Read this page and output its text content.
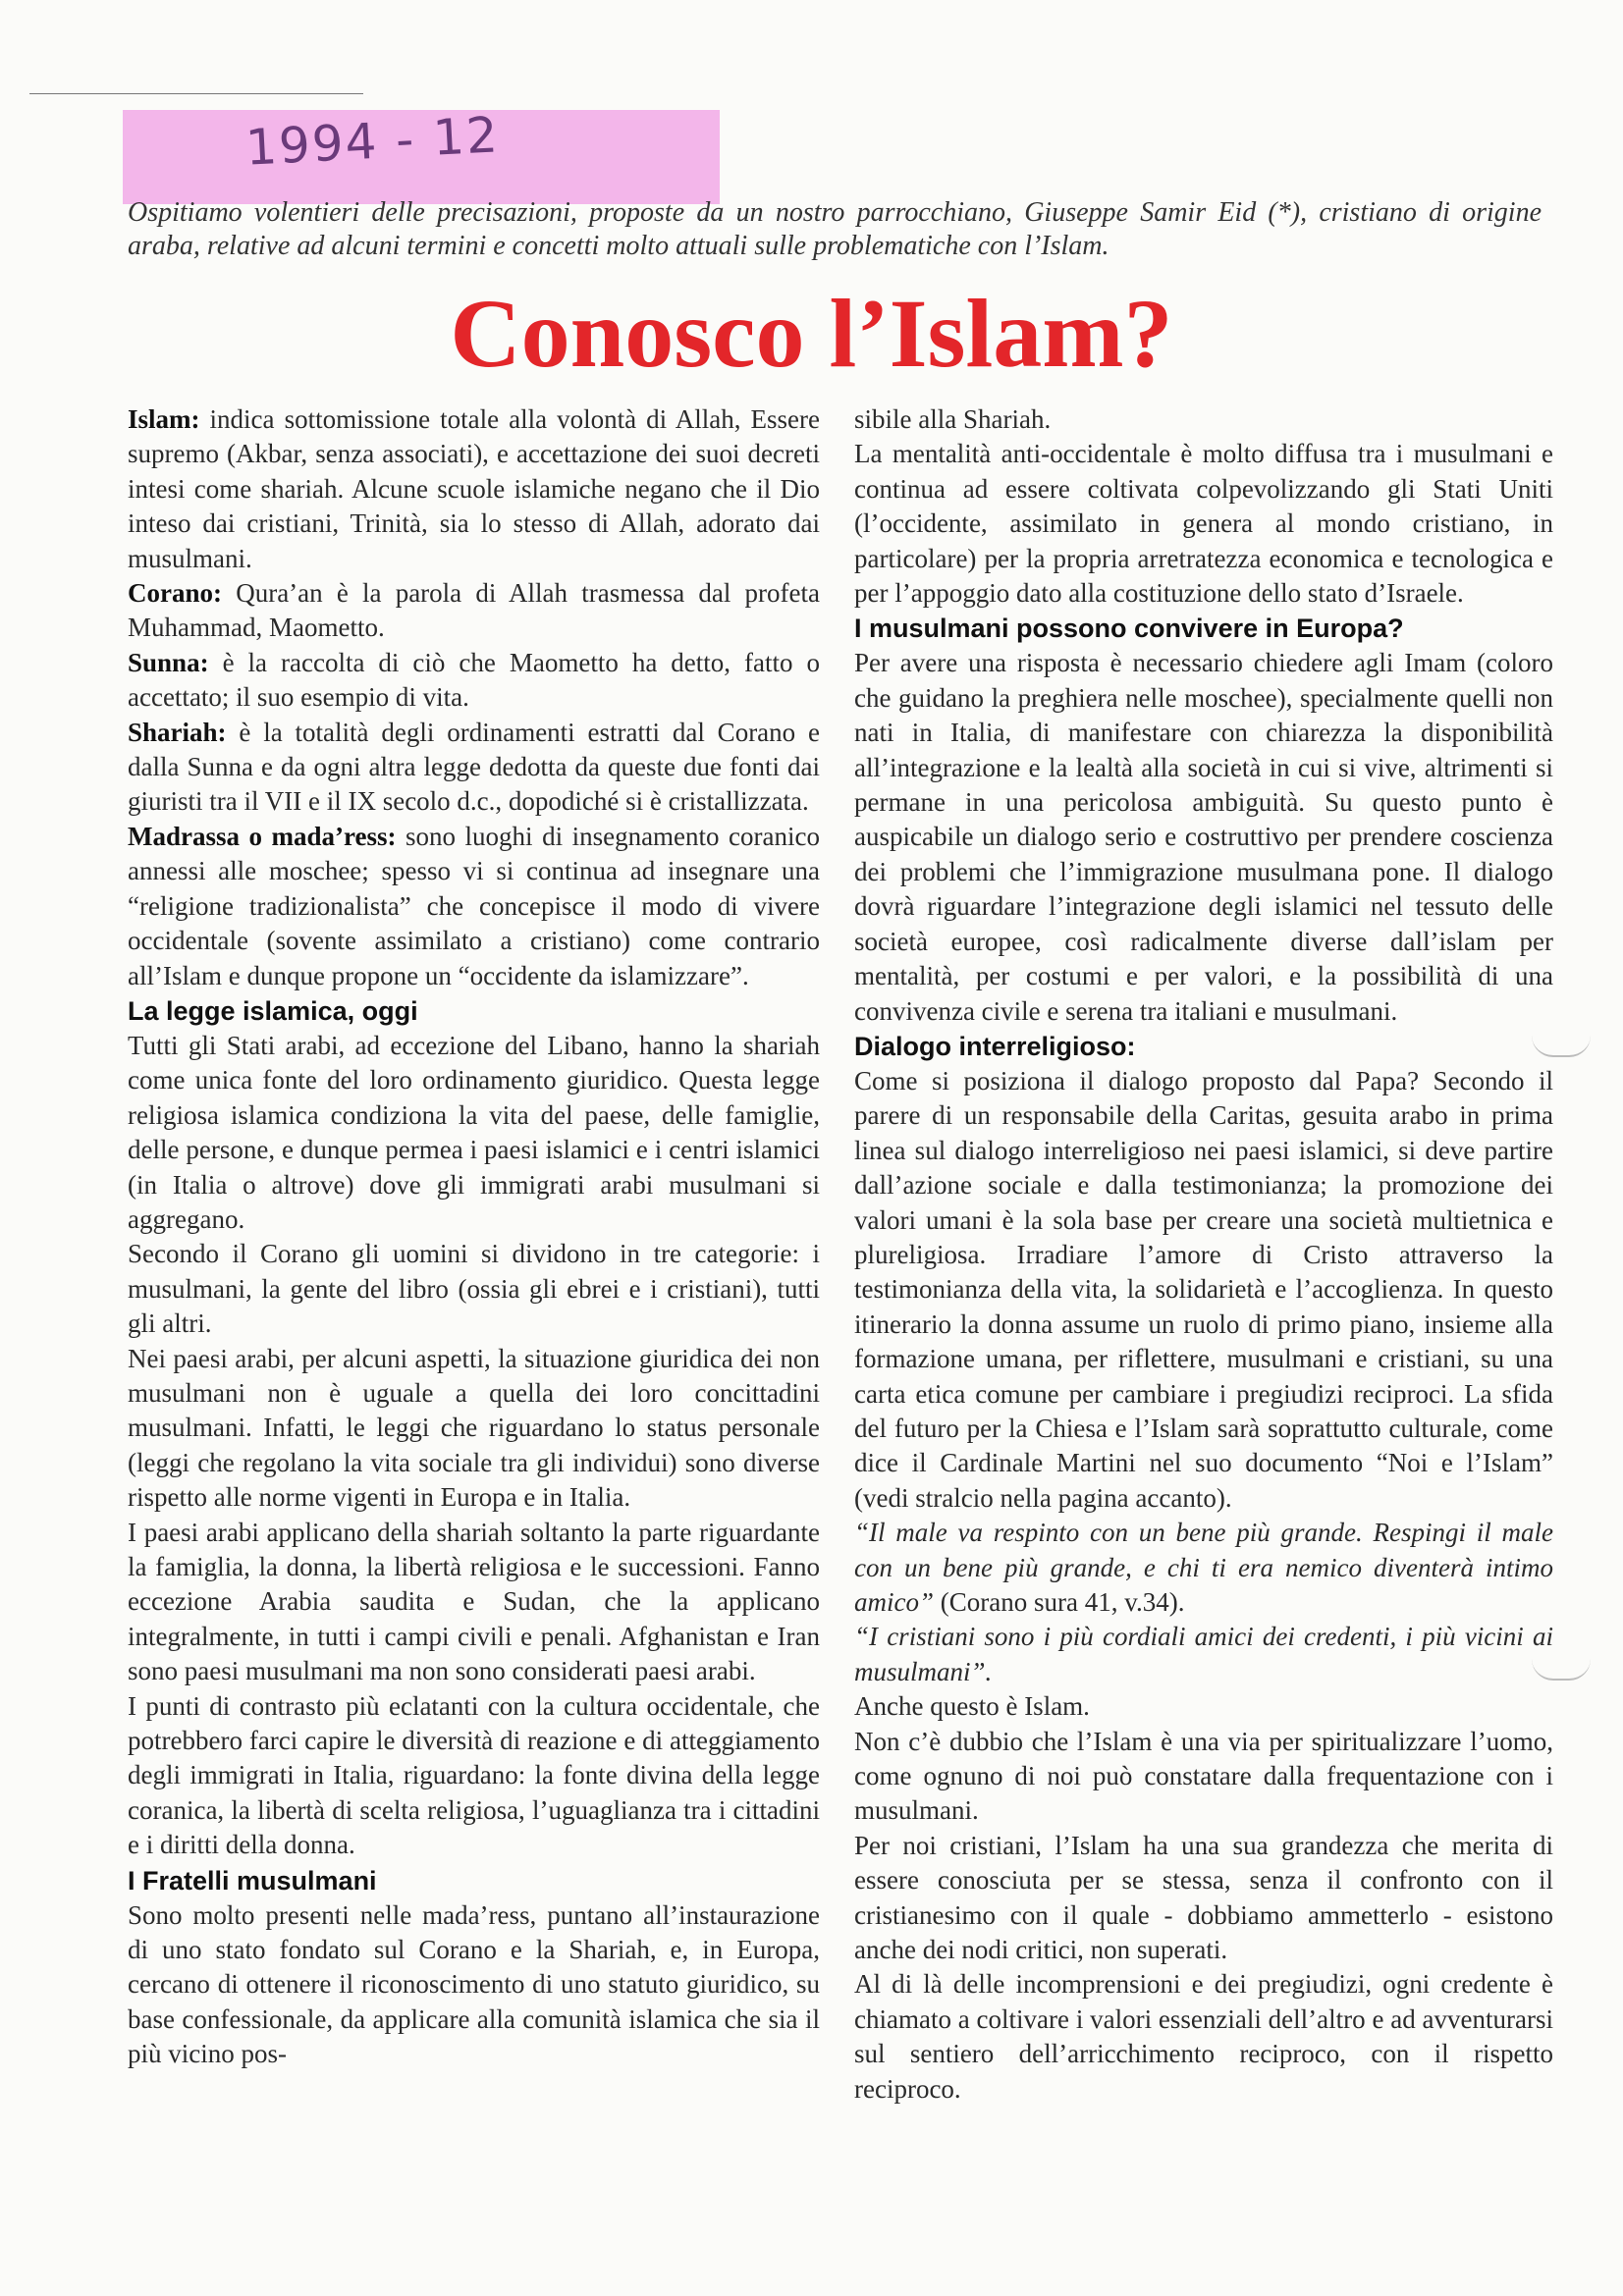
1994 - 12
Ospitiamo volentieri delle precisazioni, proposte da un nostro parrocchiano, Giuseppe Samir Eid (*), cristiano di origine araba, relative ad alcuni termini e concetti molto attuali sulle problematiche con l’Islam.
Conosco l’Islam?

Islam: indica sottomissione totale alla volontà di Allah, Essere supremo (Akbar, senza associati), e accettazione dei suoi decreti intesi come shariah. Alcune scuole islamiche negano che il Dio inteso dai cristiani, Trinità, sia lo stesso di Allah, adorato dai musulmani.

Corano: Qura’an è la parola di Allah trasmessa dal profeta Muhammad, Maometto.

Sunna: è la raccolta di ciò che Maometto ha detto, fatto o accettato; il suo esempio di vita.

Shariah: è la totalità degli ordinamenti estratti dal Corano e dalla Sunna e da ogni altra legge dedotta da queste due fonti dai giuristi tra il VII e il IX secolo d.c., dopodiché si è cristallizzata.

Madrassa o mada’ress: sono luoghi di insegnamento coranico annessi alle moschee; spesso vi si continua ad insegnare una “religione tradizionalista” che concepisce il modo di vivere occidentale (sovente assimilato a cristiano) come contrario all’Islam e dunque propone un “occidente da islamizzare”.

La legge islamica, oggi

Tutti gli Stati arabi, ad eccezione del Libano, hanno la shariah come unica fonte del loro ordinamento giuridico. Questa legge religiosa islamica condiziona la vita del paese, delle famiglie, delle persone, e dunque permea i paesi islamici e i centri islamici (in Italia o altrove) dove gli immigrati arabi musulmani si aggregano.

Secondo il Corano gli uomini si dividono in tre categorie: i musulmani, la gente del libro (ossia gli ebrei e i cristiani), tutti gli altri.

Nei paesi arabi, per alcuni aspetti, la situazione giuridica dei non musulmani non è uguale a quella dei loro concittadini musulmani. Infatti, le leggi che riguardano lo status personale (leggi che regolano la vita sociale tra gli individui) sono diverse rispetto alle norme vigenti in Europa e in Italia.

I paesi arabi applicano della shariah soltanto la parte riguardante la famiglia, la donna, la libertà religiosa e le successioni. Fanno eccezione Arabia saudita e Sudan, che la applicano integralmente, in tutti i campi civili e penali. Afghanistan e Iran sono paesi musulmani ma non sono considerati paesi arabi.

I punti di contrasto più eclatanti con la cultura occidentale, che potrebbero farci capire le diversità di reazione e di atteggiamento degli immigrati in Italia, riguardano: la fonte divina della legge coranica, la libertà di scelta religiosa, l’uguaglianza tra i cittadini e i diritti della donna.

I Fratelli musulmani

Sono molto presenti nelle mada’ress, puntano all’instaurazione di uno stato fondato sul Corano e la Shariah, e, in Europa, cercano di ottenere il riconoscimento di uno statuto giuridico, su base confessionale, da applicare alla comunità islamica che sia il più vicino pos-

sibile alla Shariah.

La mentalità anti-occidentale è molto diffusa tra i musulmani e continua ad essere coltivata colpevolizzando gli Stati Uniti (l’occidente, assimilato in genera al mondo cristiano, in particolare) per la propria arretratezza economica e tecnologica e per l’appoggio dato alla costituzione dello stato d’Israele.

I musulmani possono convivere in Europa?

Per avere una risposta è necessario chiedere agli Imam (coloro che guidano la preghiera nelle moschee), specialmente quelli non nati in Italia, di manifestare con chiarezza la disponibilità all’integrazione e la lealtà alla società in cui si vive, altrimenti si permane in una pericolosa ambiguità. Su questo punto è auspicabile un dialogo serio e costruttivo per prendere coscienza dei problemi che l’immigrazione musulmana pone. Il dialogo dovrà riguardare l’integrazione degli islamici nel tessuto delle società europee, così radicalmente diverse dall’islam per mentalità, per costumi e per valori, e la possibilità di una convivenza civile e serena tra italiani e musulmani.

Dialogo interreligioso:

Come si posiziona il dialogo proposto dal Papa? Secondo il parere di un responsabile della Caritas, gesuita arabo in prima linea sul dialogo interreligioso nei paesi islamici, si deve partire dall’azione sociale e dalla testimonianza; la promozione dei valori umani è la sola base per creare una società multietnica e plureligiosa. Irradiare l’amore di Cristo attraverso la testimonianza della vita, la solidarietà e l’accoglienza. In questo itinerario la donna assume un ruolo di primo piano, insieme alla formazione umana, per riflettere, musulmani e cristiani, su una carta etica comune per cambiare i pregiudizi reciproci. La sfida del futuro per la Chiesa e l’Islam sarà soprattutto culturale, come dice il Cardinale Martini nel suo documento “Noi e l’Islam” (vedi stralcio nella pagina accanto).

“Il male va respinto con un bene più grande. Respingi il male con un bene più grande, e chi ti era nemico diventerà intimo amico” (Corano sura 41, v.34).

“I cristiani sono i più cordiali amici dei credenti, i più vicini ai musulmani”.

Anche questo è Islam.

Non c’è dubbio che l’Islam è una via per spiritualizzare l’uomo, come ognuno di noi può constatare dalla frequentazione con i musulmani.

Per noi cristiani, l’Islam ha una sua grandezza che merita di essere conosciuta per se stessa, senza il confronto con il cristianesimo con il quale - dobbiamo ammetterlo - esistono anche dei nodi critici, non superati.

Al di là delle incomprensioni e dei pregiudizi, ogni credente è chiamato a coltivare i valori essenziali dell’altro e ad avventurarsi sul sentiero dell’arricchimento reciproco, con il rispetto reciproco.
